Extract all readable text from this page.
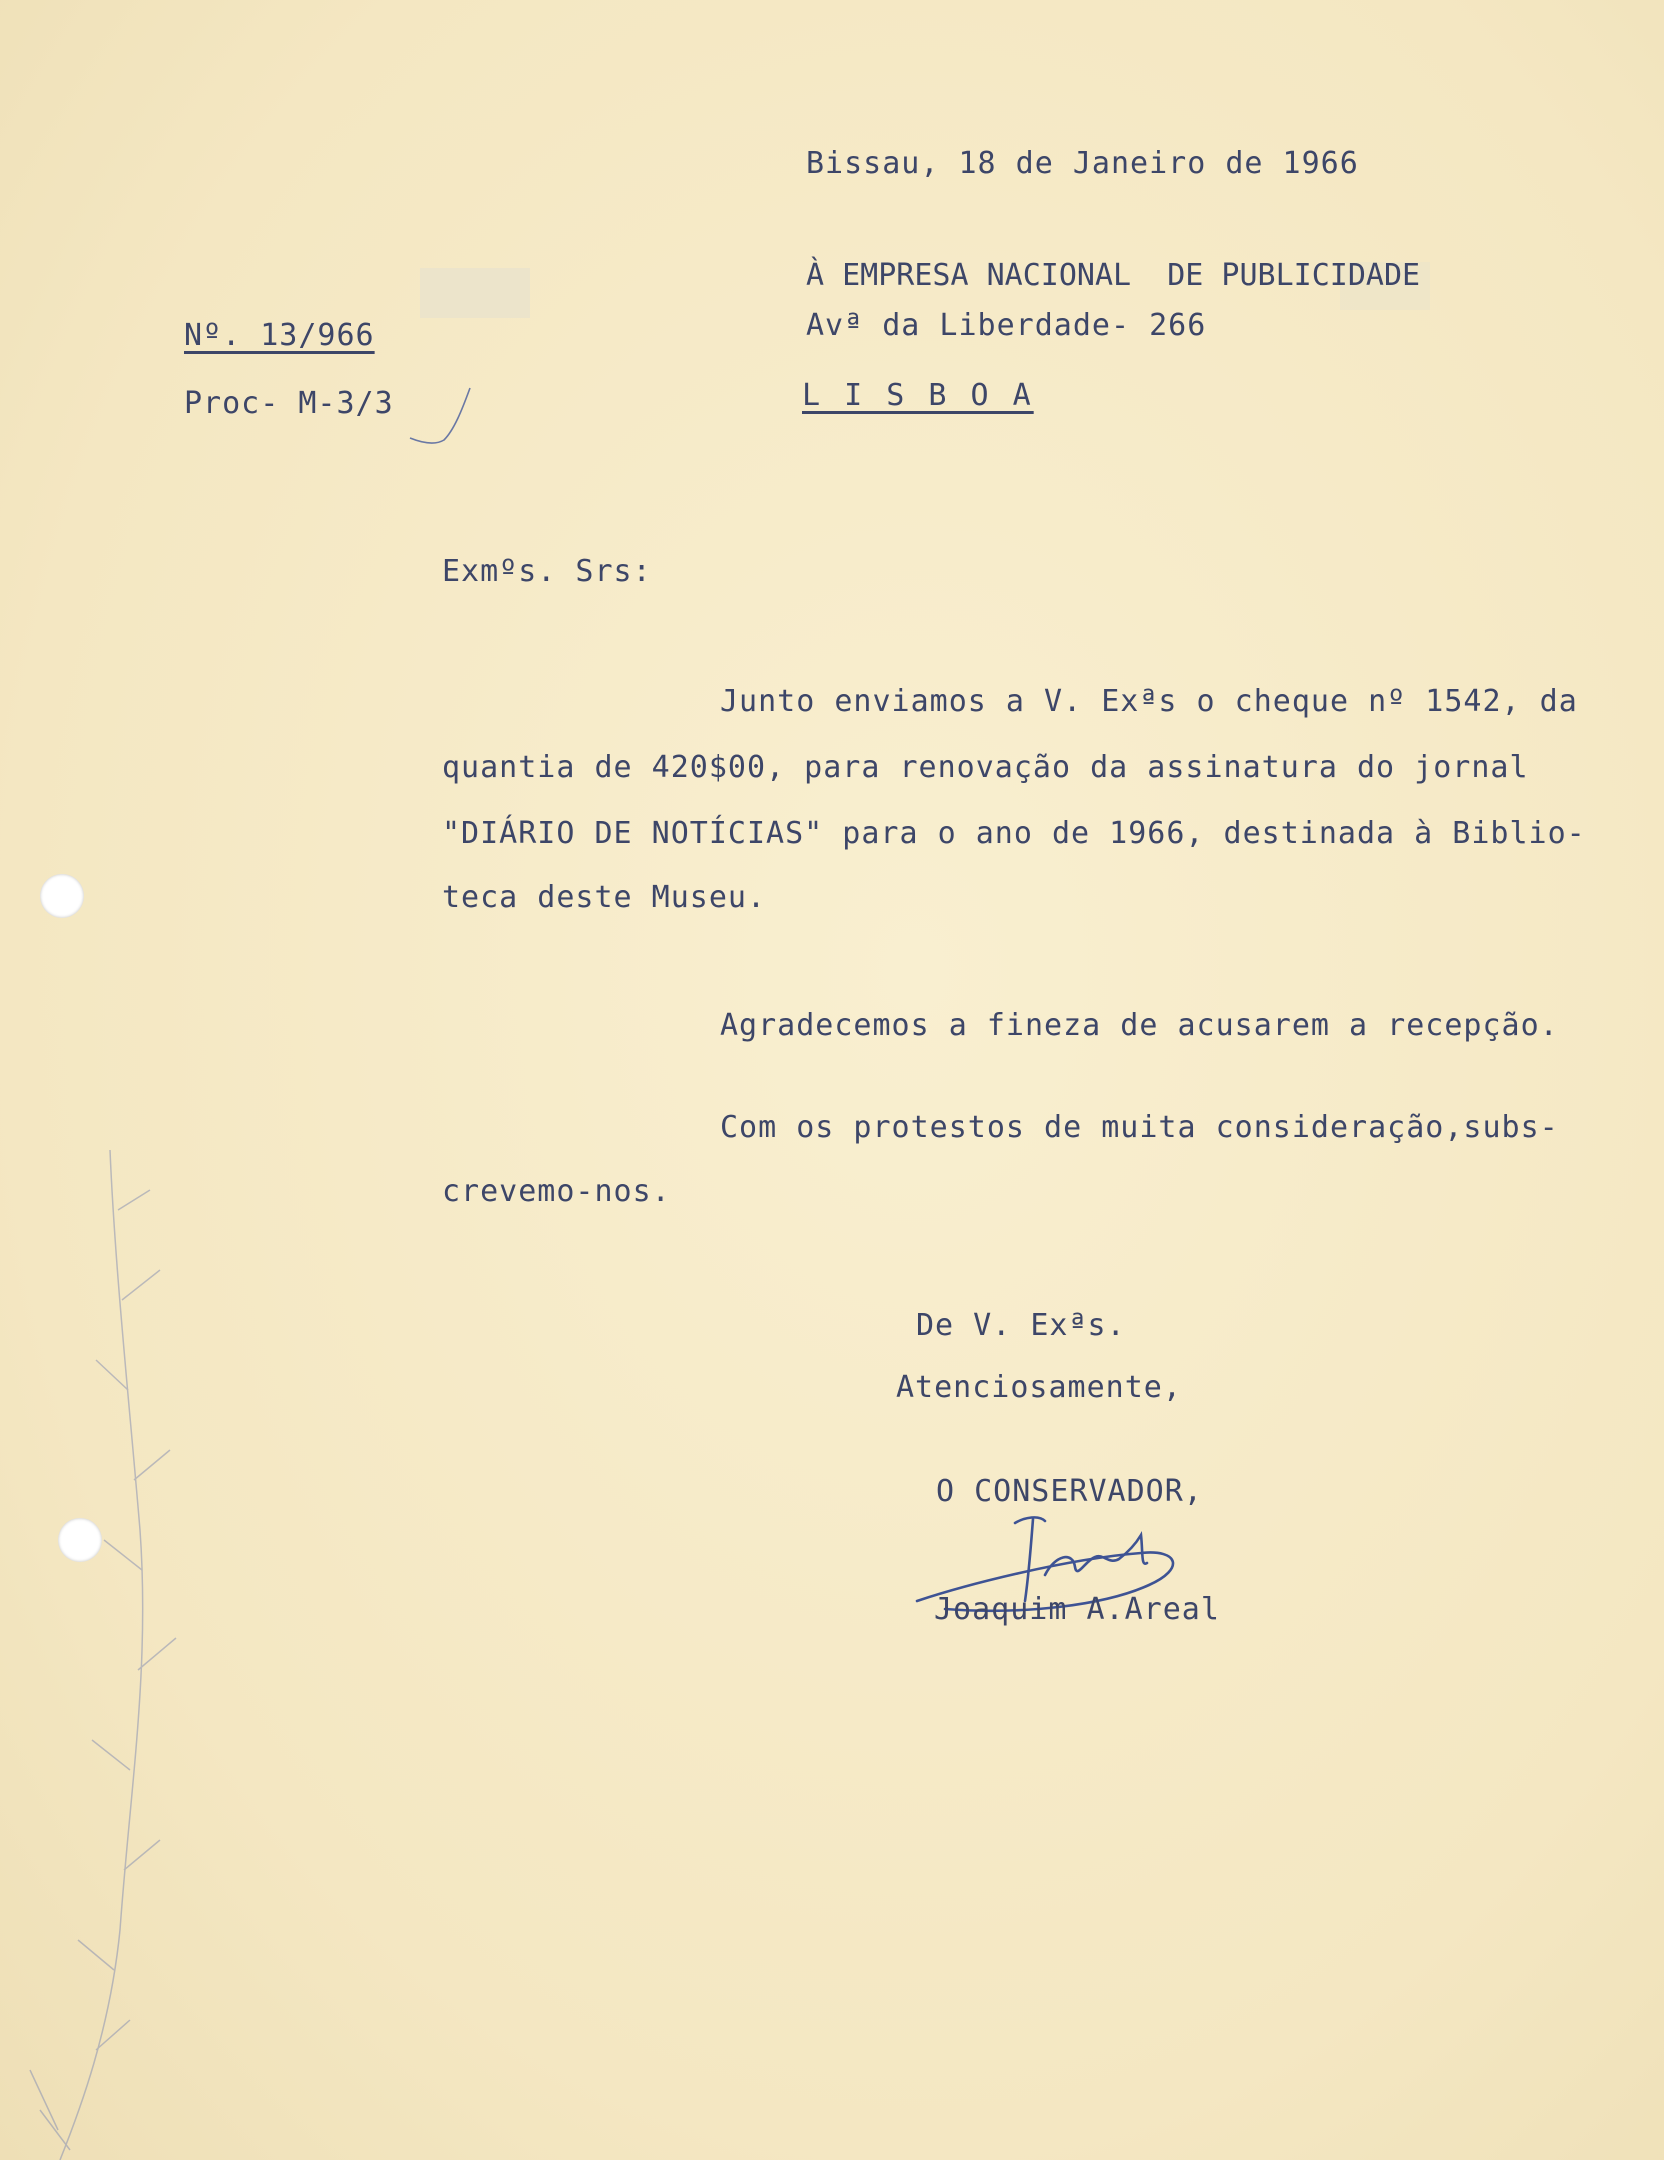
Bissau, 18 de Janeiro de 1966
À EMPRESA NACIONAL  DE PUBLICIDADE
Avª da Liberdade- 266
L I S B O A
Nº. 13/966
Proc- M-3/3
Exmºs. Srs:
Junto enviamos a V. Exªs o cheque nº 1542, da
quantia de 420$00, para renovação da assinatura do jornal
"DIÁRIO DE NOTÍCIAS" para o ano de 1966, destinada à Biblio-
teca deste Museu.
Agradecemos a fineza de acusarem a recepção.
Com os protestos de muita consideração,subs-
crevemo-nos.
De V. Exªs.
Atenciosamente,
O CONSERVADOR,
Joaquim A.Areal
